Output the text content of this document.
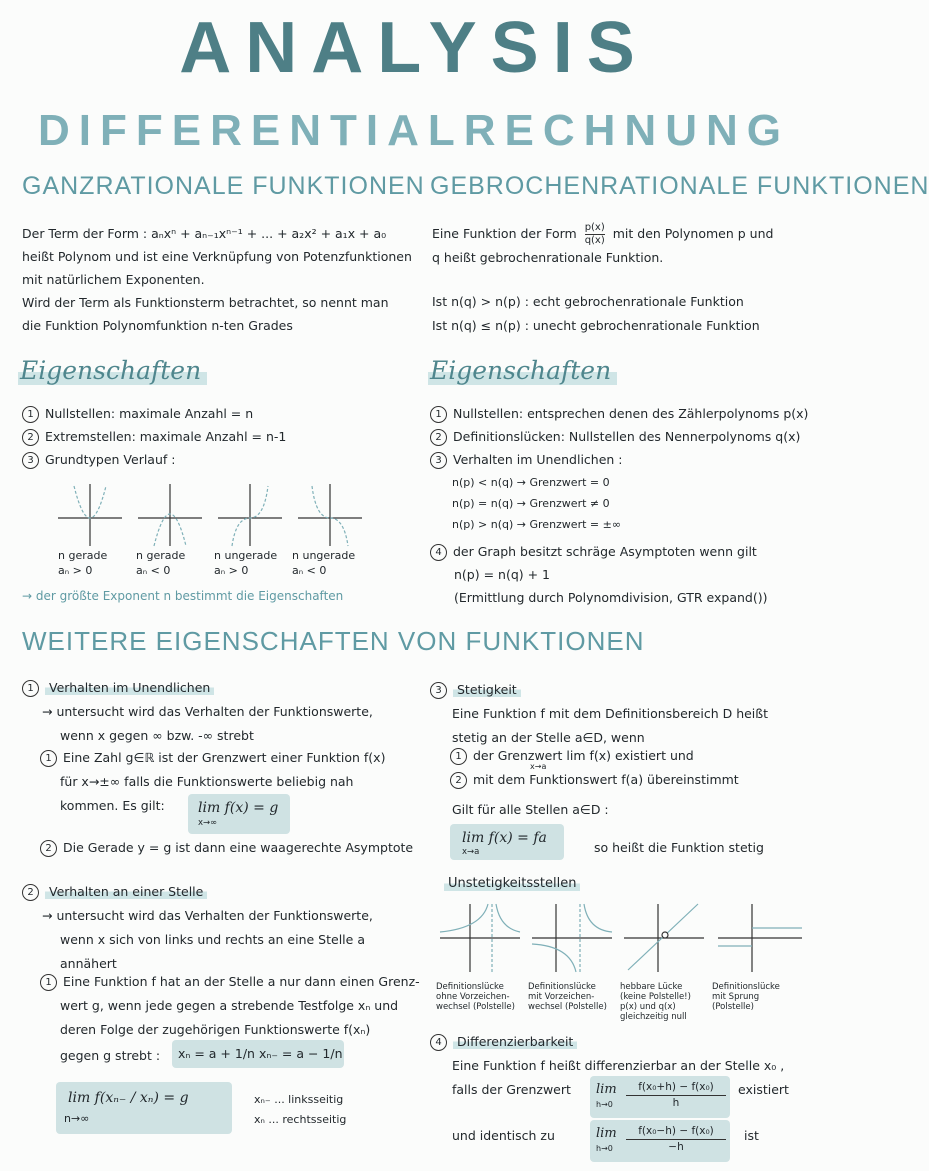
ANALYSIS
DIFFERENTIALRECHNUNG
GANZRATIONALE FUNKTIONEN
Der Term der Form : aₙxⁿ + aₙ₋₁xⁿ⁻¹ + ... + a₂x² + a₁x + a₀
heißt Polynom und ist eine Verknüpfung von Potenzfunktionen
mit natürlichem Exponenten.
Wird der Term als Funktionsterm betrachtet, so nennt man
die Funktion Polynomfunktion n-ten Grades
Eigenschaften
1 Nullstellen: maximale Anzahl = n
2 Extremstellen: maximale Anzahl = n-1
3 Grundtypen Verlauf :
n gerade
aₙ > 0
n gerade
aₙ < 0
n ungerade
aₙ > 0
n ungerade
aₙ < 0
→ der größte Exponent n bestimmt die Eigenschaften
GEBROCHENRATIONALE FUNKTIONEN
Eine Funktion der Form $\frac{p(x)}{q(x)}$ mit den Polynomen p und
q heißt gebrochenrationale Funktion.
Ist n(q) > n(p) : echt gebrochenrationale Funktion
Ist n(q) ≤ n(p) : unecht gebrochenrationale Funktion
Eigenschaften
1 Nullstellen: entsprechen denen des Zählerpolynoms p(x)
2 Definitionslücken: Nullstellen des Nennerpolynoms q(x)
3 Verhalten im Unendlichen :
n(p) < n(q) → Grenzwert = 0
n(p) = n(q) → Grenzwert ≠ 0
n(p) > n(q) → Grenzwert = ±∞
4 der Graph besitzt schräge Asymptoten wenn gilt
n(p) = n(q) + 1
(Ermittlung durch Polynomdivision, GTR expand())
WEITERE EIGENSCHAFTEN VON FUNKTIONEN
1 Verhalten im Unendlichen
→ untersucht wird das Verhalten der Funktionswerte,
wenn x gegen ∞ bzw. -∞ strebt
1 Eine Zahl g∈ℝ ist der Grenzwert einer Funktion f(x)
für x→±∞ falls die Funktionswerte beliebig nah
kommen. Es gilt:	lim f(x) = g
x→∞
2 Die Gerade y = g ist dann eine waagerechte Asymptote
2 Verhalten an einer Stelle
→ untersucht wird das Verhalten der Funktionswerte,
wenn x sich von links und rechts an eine Stelle a
annähert
1 Eine Funktion f hat an der Stelle a nur dann einen Grenz-
wert g, wenn jede gegen a strebende Testfolge xₙ und
deren Folge der zugehörigen Funktionswerte f(xₙ)
gegen g strebt :	xₙ = a + 1/n xₙ₋ = a − 1/n
lim f(xₙ₋ / xₙ) = g
n→∞
xₙ₋ ... linksseitig
xₙ ... rechtsseitig
3 Stetigkeit
Eine Funktion f mit dem Definitionsbereich D heißt
stetig an der Stelle a∈D, wenn
1 der Grenzwert lim f(x) existiert und
2 mit dem Funktionswert f(a) übereinstimmt
x→a
Gilt für alle Stellen a∈D :
lim f(x) = fa
x→a	so heißt die Funktion stetig
Unstetigkeitsstellen
Definitionslücke
ohne Vorzeichen-
wechsel (Polstelle)
Definitionslücke
mit Vorzeichen-
wechsel (Polstelle)
hebbare Lücke
(keine Polstelle!)
p(x) und q(x)
gleichzeitig null
Definitionslücke
mit Sprung
(Polstelle)
4 Differenzierbarkeit
Eine Funktion f heißt differenzierbar an der Stelle x₀ ,
falls der Grenzwert lim
h→0
f(x₀+h) − f(x₀)
h
existiert
und identisch zu	lim
h→0
f(x₀−h) − f(x₀)
−h
ist
